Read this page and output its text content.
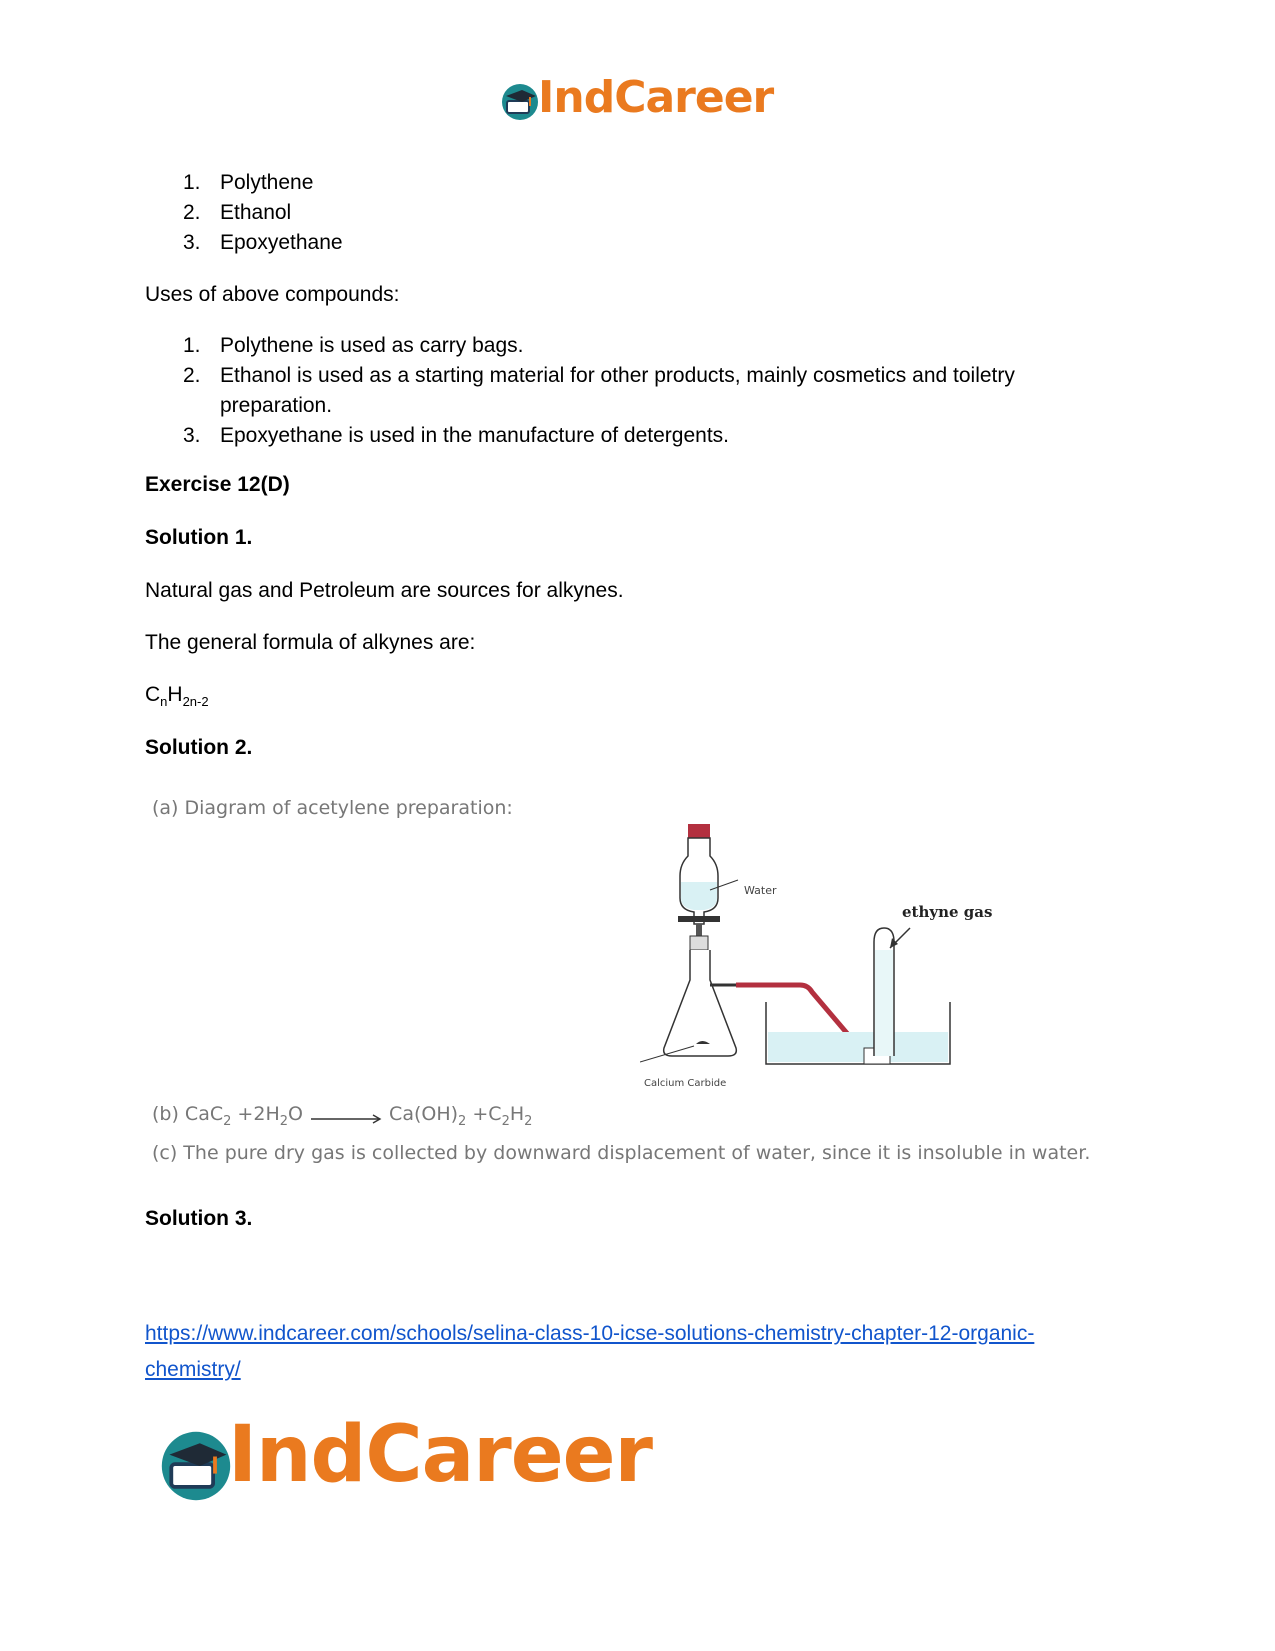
IndCareer
1. Polythene
2. Ethanol
3. Epoxyethane
Uses of above compounds:
1. Polythene is used as carry bags.
2. Ethanol is used as a starting material for other products, mainly cosmetics and toiletry
preparation.
3. Epoxyethane is used in the manufacture of detergents.
Exercise 12(D)
Solution 1.
Natural gas and Petroleum are sources for alkynes.
The general formula of alkynes are:
$C_nH_{2n-2}$
Solution 2.
(a) Diagram of acetylene preparation:
Water
ethyne gas
Calcium Carbide
(b) $CaC_2 +2H_2O \to Ca(OH)_2 +C_2H_2$
(c) The pure dry gas is collected by downward displacement of water, since it is insoluble in water.
Solution 3.
https://www.indcareer.com/schools/selina-class-10-icse-solutions-chemistry-chapter-12-organic-
chemistry/
IndCareer
